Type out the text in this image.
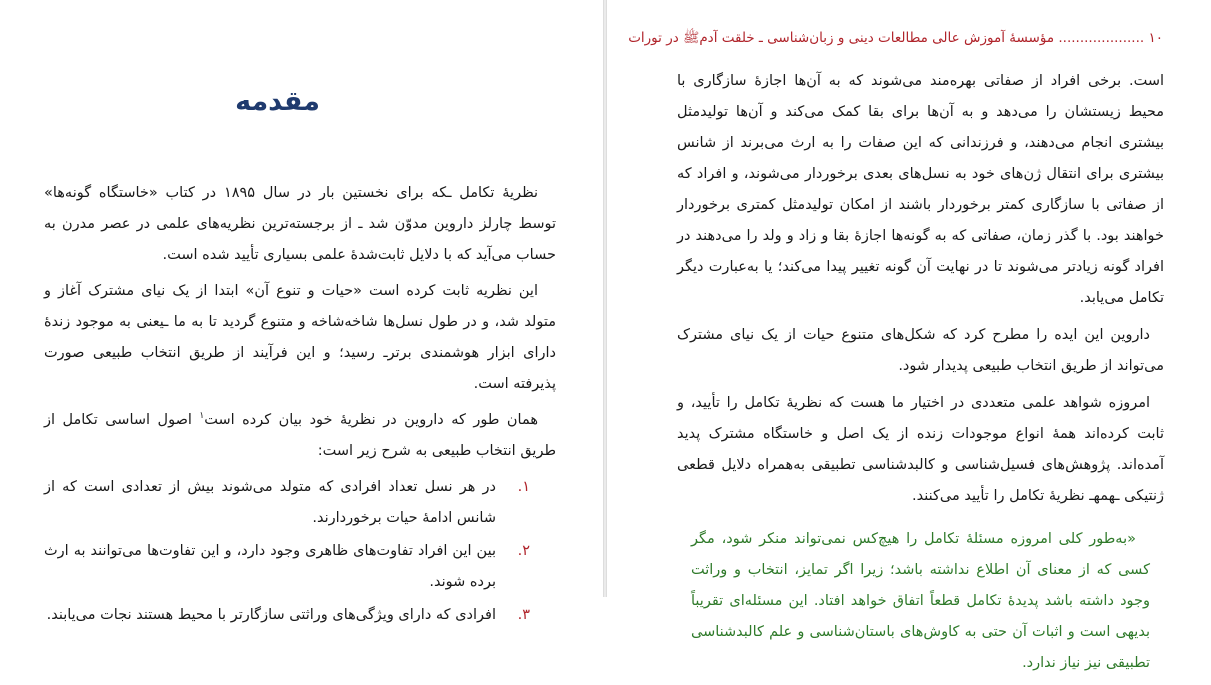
مقدمه

نظریهٔ تکامل ـکه برای نخستین بار در سال ۱۸۹۵ در کتاب «خاستگاه گونه‌ها» توسط چارلز داروین مدوّن شد ـ از برجسته‌ترین نظریه‌های علمی در عصر مدرن به حساب می‌آید که با دلایل ثابت‌شدهٔ علمی بسیاری تأیید شده است.

این نظریه ثابت کرده است «حیات و تنوع آن» ابتدا از یک نیای مشترک آغاز و متولد شد، و در طول نسل‌ها شاخه‌شاخه و متنوع گردید تا به ما ـیعنی به موجود زندهٔ دارای ابزار هوشمندی برترـ رسید؛ و این فرآیند از طریق انتخاب طبیعی صورت پذیرفته است.

همان طور که داروین در نظریهٔ خود بیان کرده است$^۱$ اصول اساسی تکامل از طریق انتخاب طبیعی به شرح زیر است:

۱.
در هر نسل تعداد افرادی که متولد می‌شوند بیش از تعدادی است که از شانس ادامهٔ حیات برخوردارند.
۲.
بین این افراد تفاوت‌های ظاهری وجود دارد، و این تفاوت‌ها می‌توانند به ارث برده شوند.
۳.
افرادی که دارای ویژگی‌های وراثتی سازگارتر با محیط هستند نجات می‌یابند.
۱۰ .................... مؤسسهٔ آموزش عالی مطالعات دینی و زبان‌شناسی ـ خلقت آدمﷺ در تورات

است. برخی افراد از صفاتی بهره‌مند می‌شوند که به آن‌ها اجازهٔ سازگاری با محیط زیستشان را می‌دهد و به آن‌ها برای بقا کمک می‌کند و آن‌ها تولیدمثل بیشتری انجام می‌دهند، و فرزندانی که این صفات را به ارث می‌برند از شانس بیشتری برای انتقال ژن‌های خود به نسل‌های بعدی برخوردار می‌شوند، و افراد که از صفاتی با سازگاری کمتر برخوردار باشند از امکان تولیدمثل کمتری برخوردار خواهند بود. با گذر زمان، صفاتی که به گونه‌ها اجازهٔ بقا و زاد و ولد را می‌دهند در افراد گونه زیادتر می‌شوند تا در نهایت آن گونه تغییر پیدا می‌کند؛ یا به‌عبارت دیگر تکامل می‌یابد.

داروین این ایده را مطرح کرد که شکل‌های متنوع حیات از یک نیای مشترک می‌تواند از طریق انتخاب طبیعی پدیدار شود.

امروزه شواهد علمی متعددی در اختیار ما هست که نظریهٔ تکامل را تأیید، و ثابت کرده‌اند همهٔ انواع موجودات زنده از یک اصل و خاستگاه مشترک پدید آمده‌اند. پژوهش‌های فسیل‌شناسی و کالبدشناسی تطبیقی به‌همراه دلایل قطعی ژنتیکی ـهمهـ نظریهٔ تکامل را تأیید می‌کنند.

«به‌طور کلی امروزه مسئلهٔ تکامل را هیچ‌کس نمی‌تواند منکر شود، مگر کسی که از معنای آن اطلاع نداشته باشد؛ زیرا اگر تمایز، انتخاب و وراثت وجود داشته باشد پدیدهٔ تکامل قطعاً اتفاق خواهد افتاد. این مسئله‌ای تقریباً بدیهی است و اثبات آن حتی به کاوش‌های باستان‌شناسی و علم کالبدشناسی تطبیقی نیز نیاز ندارد.
